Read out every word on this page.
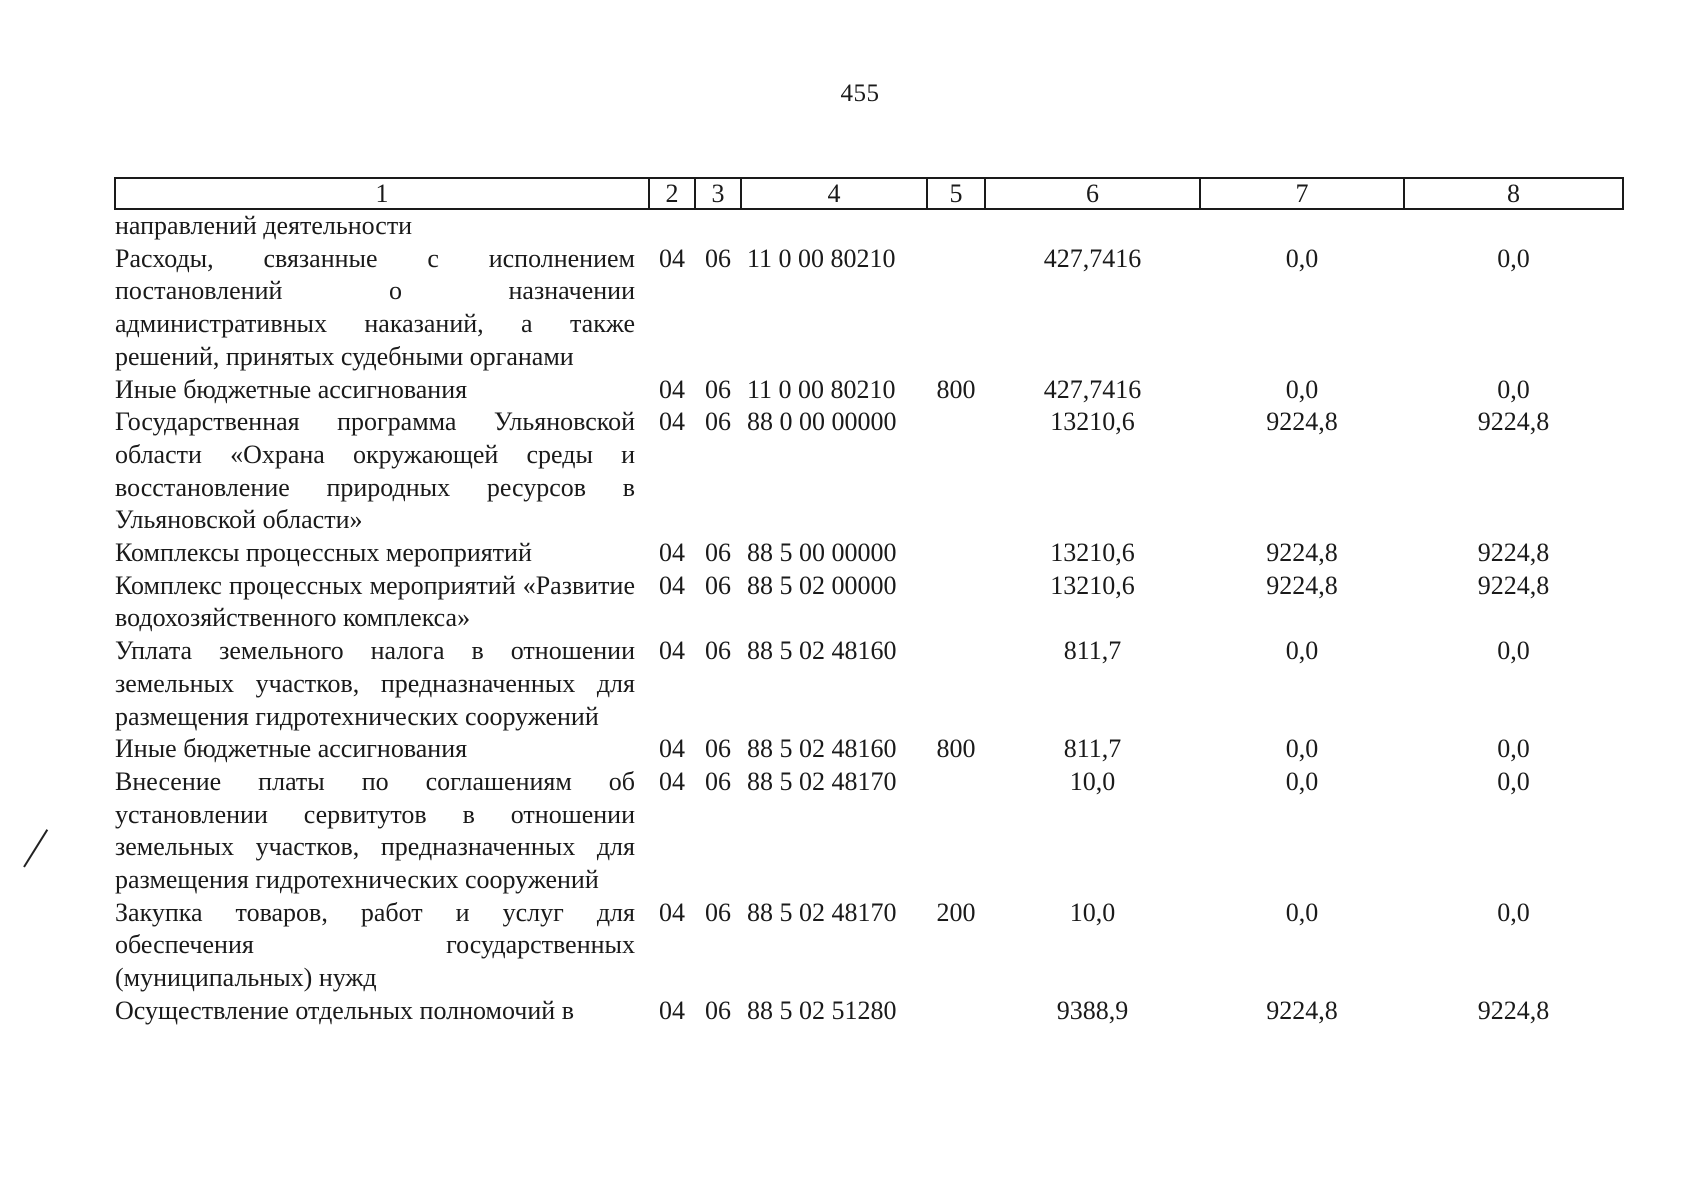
455
1	2	3	4	5	6	7	8
направлений деятельности							
Расходы, связанные с исполнением постановлений о назначении административных наказаний, а также решений, принятых судебными органами	04	06	11 0 00 80210		427,7416	0,0	0,0
Иные бюджетные ассигнования	04	06	11 0 00 80210	800	427,7416	0,0	0,0
Государственная программа Ульяновской области «Охрана окружающей среды и восстановление природных ресурсов в Ульяновской области»	04	06	88 0 00 00000		13210,6	9224,8	9224,8
Комплексы процессных мероприятий	04	06	88 5 00 00000		13210,6	9224,8	9224,8
Комплекс процессных мероприятий «Развитие водохозяйственного комплекса»	04	06	88 5 02 00000		13210,6	9224,8	9224,8
Уплата земельного налога в отношении земельных участков, предназначенных для размещения гидротехнических сооружений	04	06	88 5 02 48160		811,7	0,0	0,0
Иные бюджетные ассигнования	04	06	88 5 02 48160	800	811,7	0,0	0,0
Внесение платы по соглашениям об установлении сервитутов в отношении земельных участков, предназначенных для размещения гидротехнических сооружений	04	06	88 5 02 48170		10,0	0,0	0,0
Закупка товаров, работ и услуг для обеспечения государственных (муниципальных) нужд	04	06	88 5 02 48170	200	10,0	0,0	0,0
Осуществление отдельных полномочий в	04	06	88 5 02 51280		9388,9	9224,8	9224,8
